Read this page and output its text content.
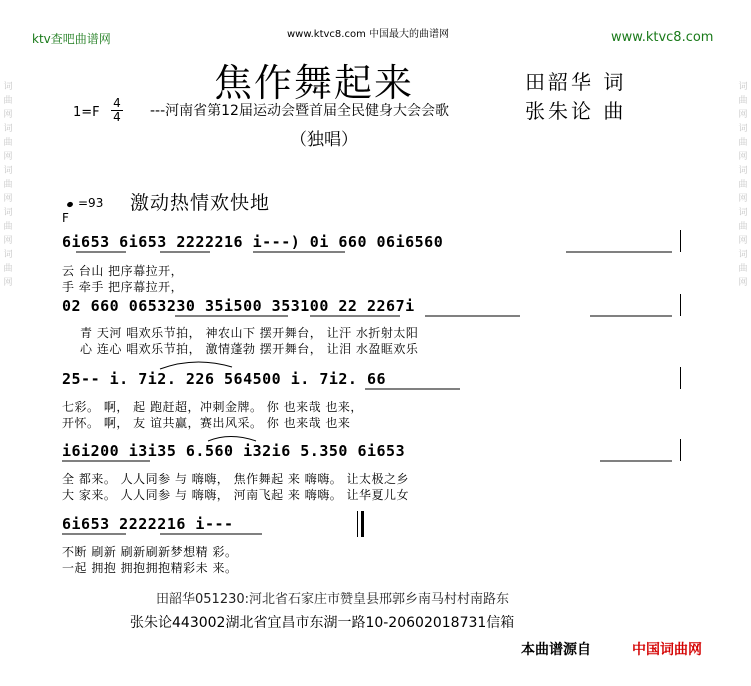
词曲网词曲网词曲网词曲网词曲网
词曲网词曲网词曲网词曲网词曲网
ktv查吧曲谱网	www.ktvc8.com 中国最大的曲谱网	www.ktvc8.com
焦作舞起来	田韶华 词
张朱论 曲
---河南省第12届运动会暨首届全民健身大会会歌
（独唱）
1=F
4
4
F
=93 激动热情欢快地
6i653 6i653 2222216 i---) 0i 660 06i6560
云 台山 把序幕拉开，
手 牵手 把序幕拉开，
02 660 0653230 35i500 353100 22 2267i
青 天河 唱欢乐节拍， 神农山下 摆开舞台， 让汗 水折射太阳
心 连心 唱欢乐节拍， 激情蓬勃 摆开舞台， 让泪 水盈眶欢乐
25-- i. 7i2. 226 564500 i. 7i2. 66
七彩。 啊， 起 跑赶超，冲刺金牌。 你 也来哉 也来，
开怀。 啊， 友 谊共赢，赛出风采。 你 也来哉 也来
i6i200 i3i35 6.560 i32i6 5.350 6i653
全 都来。 人人同参 与 嗨嗨， 焦作舞起 来 嗨嗨。 让太极之乡
大 家来。 人人同参 与 嗨嗨， 河南飞起 来 嗨嗨。 让华夏儿女
6i653 2222216 i---
不断 刷新 刷新刷新梦想精 彩。
一起 拥抱 拥抱拥抱精彩未 来。
田韶华051230:河北省石家庄市赞皇县邢郭乡南马村村南路东
张朱论443002湖北省宜昌市东湖一路10-20602018731信箱
本曲谱源自	中国词曲网
